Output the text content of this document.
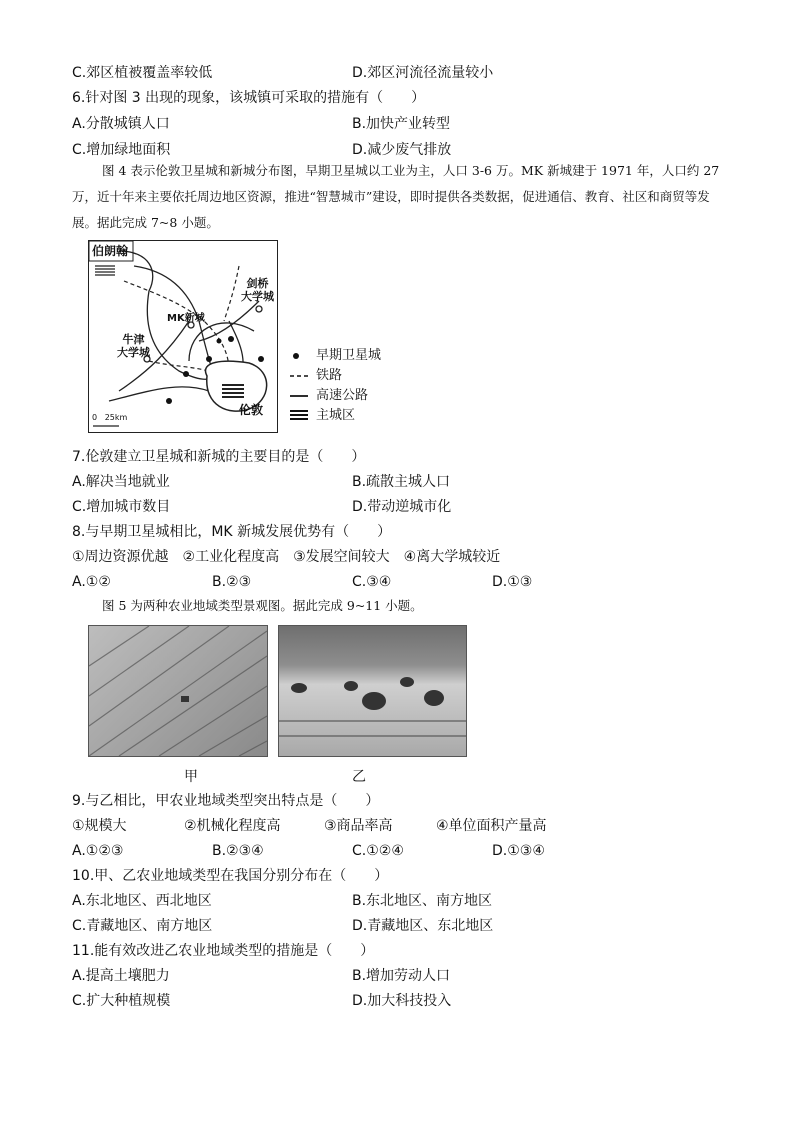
C.郊区植被覆盖率较低	D.郊区河流径流量较小
6.针对图 3 出现的现象，该城镇可采取的措施有（　　）
A.分散城镇人口	B.加快产业转型
C.增加绿地面积	D.减少废气排放
图 4 表示伦敦卫星城和新城分布图，早期卫星城以工业为主，人口 3-6 万。MK 新城建于 1971 年，人口约 27 万，近十年来主要依托周边地区资源，推进“智慧城市”建设，即时提供各类数据，促进通信、教育、社区和商贸等发展。据此完成 7~8 小题。
伯朗翰
MK新城
剑桥
大学城
牛津
大学城
伦敦
0   25km
早期卫星城
铁路
高速公路
主城区
7.伦敦建立卫星城和新城的主要目的是（　　）
A.解决当地就业	B.疏散主城人口
C.增加城市数目	D.带动逆城市化
8.与早期卫星城相比，MK 新城发展优势有（　　）
①周边资源优越　②工业化程度高　③发展空间较大　④离大学城较近
A.①②	B.②③	C.③④	D.①③
图 5 为两种农业地域类型景观图。据此完成 9~11 小题。
甲	乙
9.与乙相比，甲农业地域类型突出特点是（　　）
①规模大	②机械化程度高	③商品率高	④单位面积产量高
A.①②③	B.②③④	C.①②④	D.①③④
10.甲、乙农业地域类型在我国分别分布在（　　）
A.东北地区、西北地区	B.东北地区、南方地区
C.青藏地区、南方地区	D.青藏地区、东北地区
11.能有效改进乙农业地域类型的措施是（　　）
A.提高土壤肥力	B.增加劳动人口
C.扩大种植规模	D.加大科技投入
